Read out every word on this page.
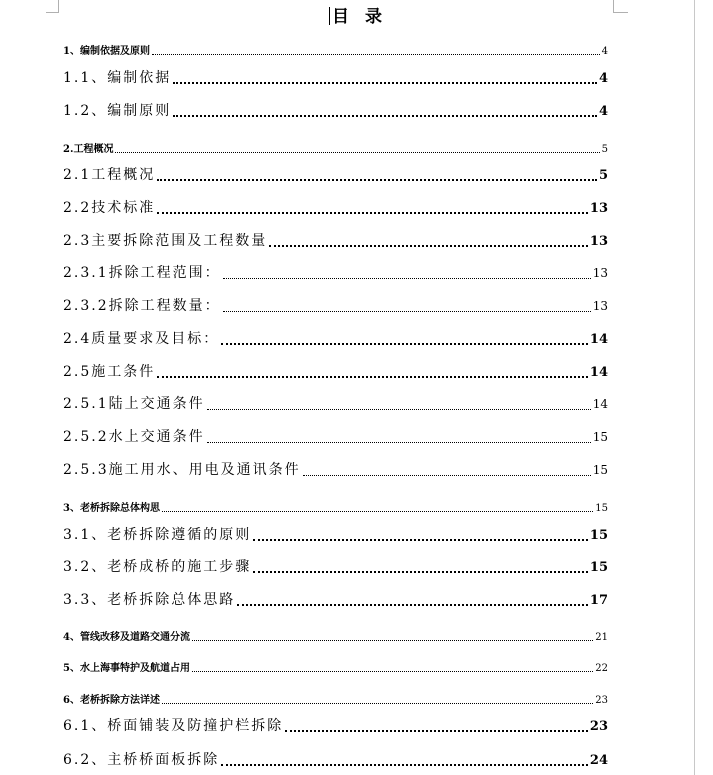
目 录
1、编制依据及原则	4
1.1、编制依据	4
1.2、编制原则	4
2.工程概况	5
2.1工程概况	5
2.2技术标准	13
2.3主要拆除范围及工程数量	13
2.3.1拆除工程范围：	13
2.3.2拆除工程数量：	13
2.4质量要求及目标：	14
2.5施工条件	14
2.5.1陆上交通条件	14
2.5.2水上交通条件	15
2.5.3施工用水、用电及通讯条件	15
3、老桥拆除总体构思	15
3.1、老桥拆除遵循的原则	15
3.2、老桥成桥的施工步骤	15
3.3、老桥拆除总体思路	17
4、管线改移及道路交通分流	21
5、水上海事特护及航道占用	22
6、老桥拆除方法详述	23
6.1、桥面铺装及防撞护栏拆除	23
6.2、主桥桥面板拆除	24
